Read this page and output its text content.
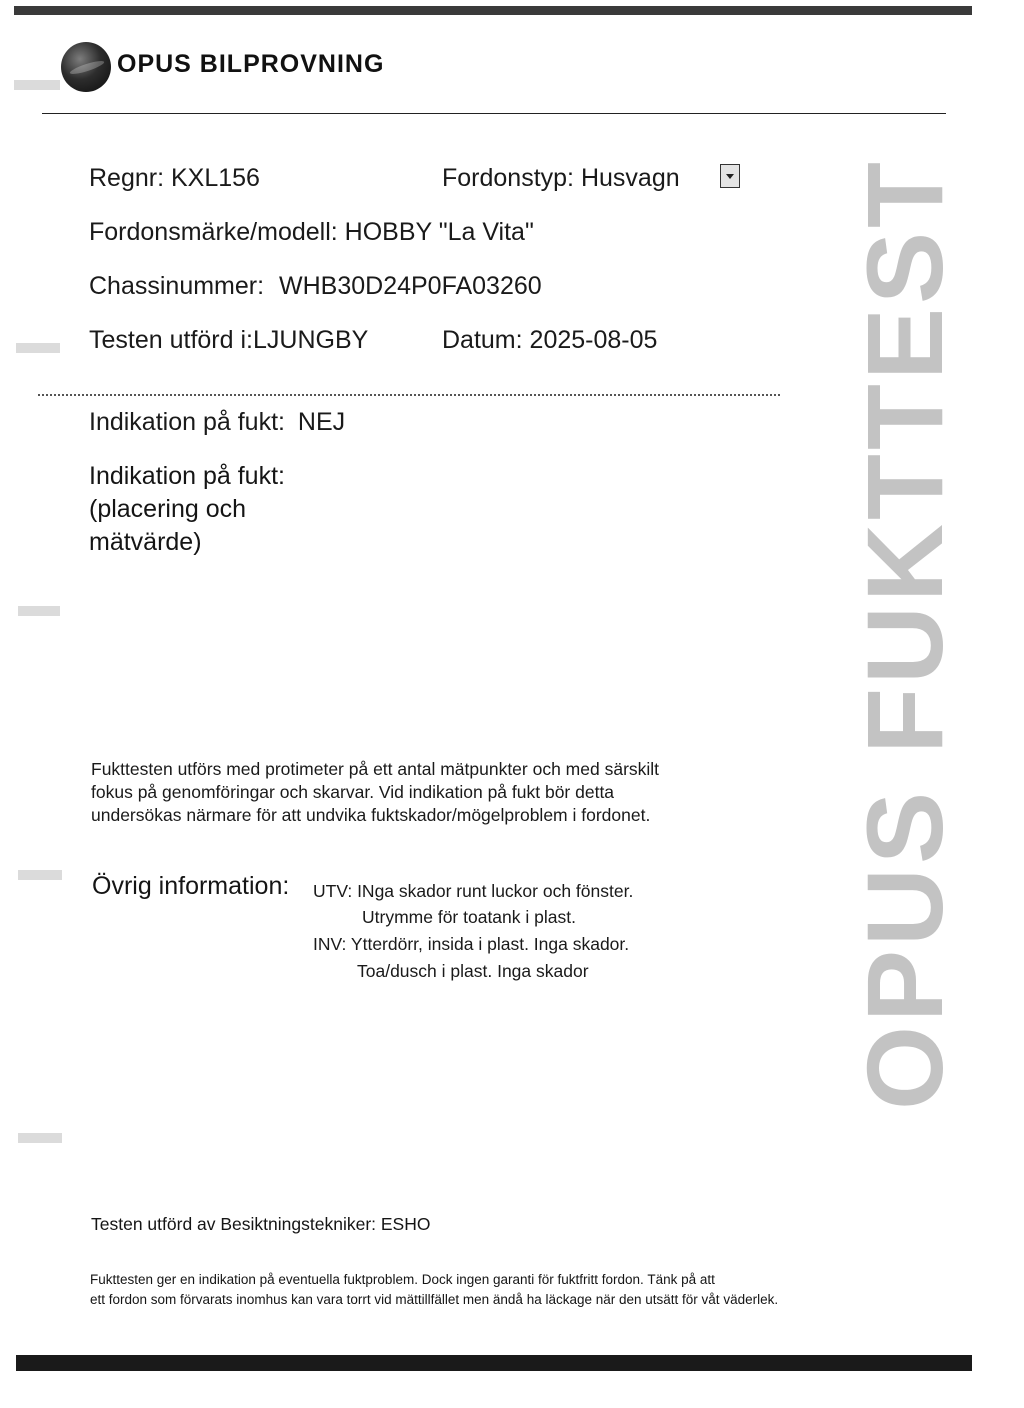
OPUS FUKTTEST
OPUS BILPROVNING
Regnr: KXL156	Fordonstyp: Husvagn
Fordonsmärke/modell: HOBBY "La Vita"
Chassinummer: WHB30D24P0FA03260
Testen utförd i:LJUNGBY	Datum: 2025-08-05
Indikation på fukt: NEJ
Indikation på fukt:
(placering och
mätvärde)
Fukttesten utförs med protimeter på ett antal mätpunkter och med särskilt
fokus på genomföringar och skarvar. Vid indikation på fukt bör detta
undersökas närmare för att undvika fuktskador/mögelproblem i fordonet.
Övrig information: UTV: INga skador runt luckor och fönster.
Utrymme för toatank i plast.
INV: Ytterdörr, insida i plast. Inga skador.
Toa/dusch i plast. Inga skador
Testen utförd av Besiktningstekniker: ESHO
Fukttesten ger en indikation på eventuella fuktproblem. Dock ingen garanti för fuktfritt fordon. Tänk på att
ett fordon som förvarats inomhus kan vara torrt vid mättillfället men ändå ha läckage när den utsätt för våt väderlek.
